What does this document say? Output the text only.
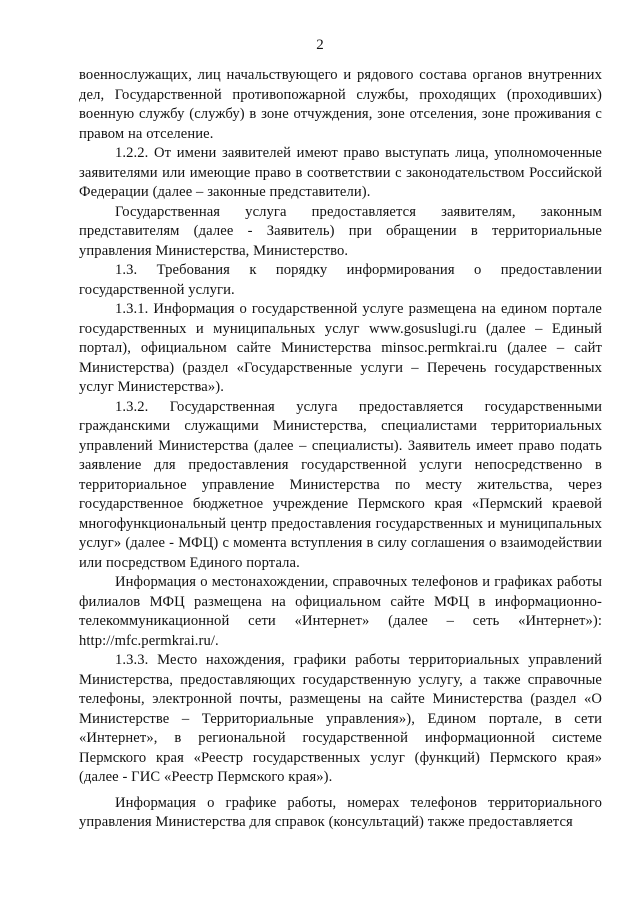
2

военнослужащих, лиц начальствующего и рядового состава органов внутренних дел, Государственной противопожарной службы, проходящих (проходивших) военную службу (службу) в зоне отчуждения, зоне отселения, зоне проживания с правом на отселение.

1.2.2. От имени заявителей имеют право выступать лица, уполномоченные заявителями или имеющие право в соответствии с законодательством Российской Федерации (далее – законные представители).

Государственная услуга предоставляется заявителям, законным представителям (далее - Заявитель) при обращении в территориальные управления Министерства, Министерство.

1.3. Требования к порядку информирования о предоставлении государственной услуги.

1.3.1. Информация о государственной услуге размещена на едином портале государственных и муниципальных услуг www.gosuslugi.ru (далее – Единый портал), официальном сайте Министерства minsoc.permkrai.ru (далее – сайт Министерства) (раздел «Государственные услуги – Перечень государственных услуг Министерства»).

1.3.2. Государственная услуга предоставляется государственными гражданскими служащими Министерства, специалистами территориальных управлений Министерства (далее – специалисты). Заявитель имеет право подать заявление для предоставления государственной услуги непосредственно в территориальное управление Министерства по месту жительства, через государственное бюджетное учреждение Пермского края «Пермский краевой многофункциональный центр предоставления государственных и муниципальных услуг» (далее - МФЦ) с момента вступления в силу соглашения о взаимодействии или посредством Единого портала.

Информация о местонахождении, справочных телефонов и графиках работы филиалов МФЦ размещена на официальном сайте МФЦ в информационно-телекоммуникационной сети «Интернет» (далее – сеть «Интернет»): http://mfc.permkrai.ru/.

1.3.3. Место нахождения, графики работы территориальных управлений Министерства, предоставляющих государственную услугу, а также справочные телефоны, электронной почты, размещены на сайте Министерства (раздел «О Министерстве – Территориальные управления»), Едином портале, в сети «Интернет», в региональной государственной информационной системе Пермского края «Реестр государственных услуг (функций) Пермского края» (далее - ГИС «Реестр Пермского края»).

Информация о графике работы, номерах телефонов территориального управления Министерства для справок (консультаций) также предоставляется
